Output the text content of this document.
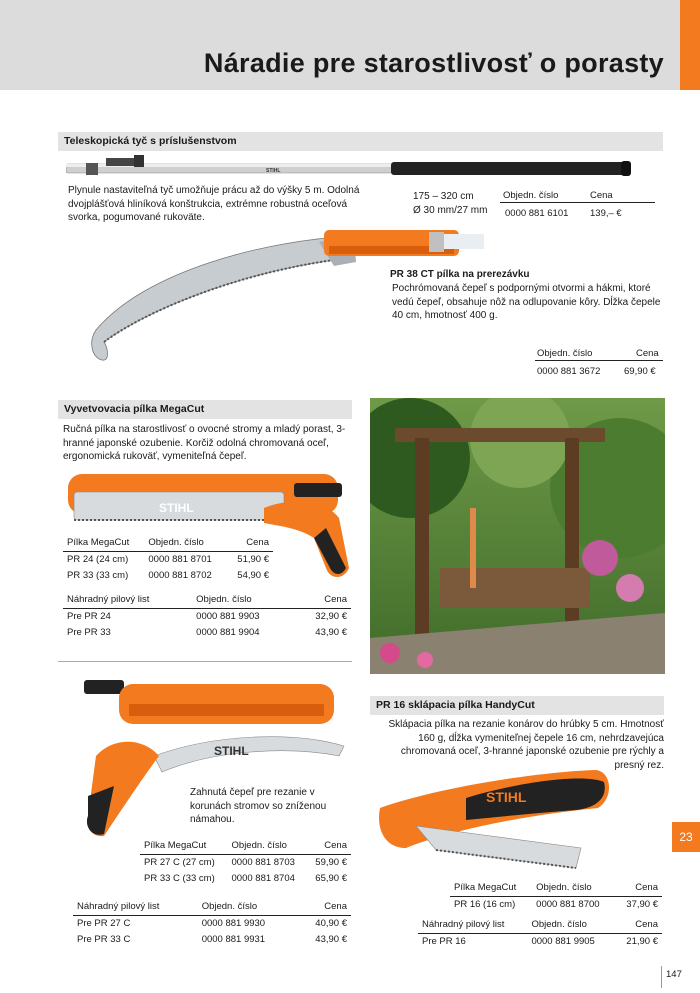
Náradie pre starostlivosť o porasty
Teleskopická tyč s príslušenstvom
STIHL

Plynule nastaviteľná tyč umožňuje prácu až do výšky 5 m. Odolná dvojplášťová hliníková konštrukcia, extrémne robustná oceľová svorka, pogumované rukoväte.

175 – 320 cm
Ø 30 mm/27 mm
Objedn. číslo	Cena
0000 881 6101 139,– €
PR 38 CT pílka na prerezávku

Pochrómovaná čepeľ s podpornými otvormi a hákmi, ktoré vedú čepeľ, obsahuje nôž na odlupovanie kôry. Dĺžka čepele 40 cm, hmotnosť 400 g.

Objedn. číslo	Cena
0000 881 3672 69,90 €
Vyvetvovacia pílka MegaCut

Ručná pílka na starostlivosť o ovocné stromy a mladý porast, 3-hranné japonské ozubenie. Korčiž odolná chromovaná oceľ, ergonomická rukoväť, vymeniteľná čepeľ.

STIHL
Pílka MegaCut	Objedn. číslo	Cena
PR 24 (24 cm)	0000 881 8701	51,90 €
PR 33 (33 cm)	0000 881 8702	54,90 €
Náhradný pilový list	Objedn. číslo	Cena
Pre PR 24	0000 881 9903	32,90 €
Pre PR 33	0000 881 9904	43,90 €
STIHL

Zahnutá čepeľ pre rezanie v korunách stromov so zníženou námahou.

Pílka MegaCut	Objedn. číslo	Cena
PR 27 C (27 cm)	0000 881 8703	59,90 €
PR 33 C (33 cm)	0000 881 8704	65,90 €
Náhradný pilový list	Objedn. číslo	Cena
Pre PR 27 C	0000 881 9930	40,90 €
Pre PR 33 C	0000 881 9931	43,90 €
PR 16 sklápacia pílka HandyCut

Sklápacia pílka na rezanie konárov do hrúbky 5 cm. Hmotnosť 160 g, dĺžka vymeniteľnej čepele 16 cm, nehrdzavejúca chromovaná oceľ, 3-hranné japonské ozubenie pre rýchly a presný rez.

STIHL
Pílka MegaCut	Objedn. číslo	Cena
PR 16 (16 cm)	0000 881 8700	37,90 €
Náhradný pilový list	Objedn. číslo	Cena
Pre PR 16	0000 881 9905	21,90 €
23
147
